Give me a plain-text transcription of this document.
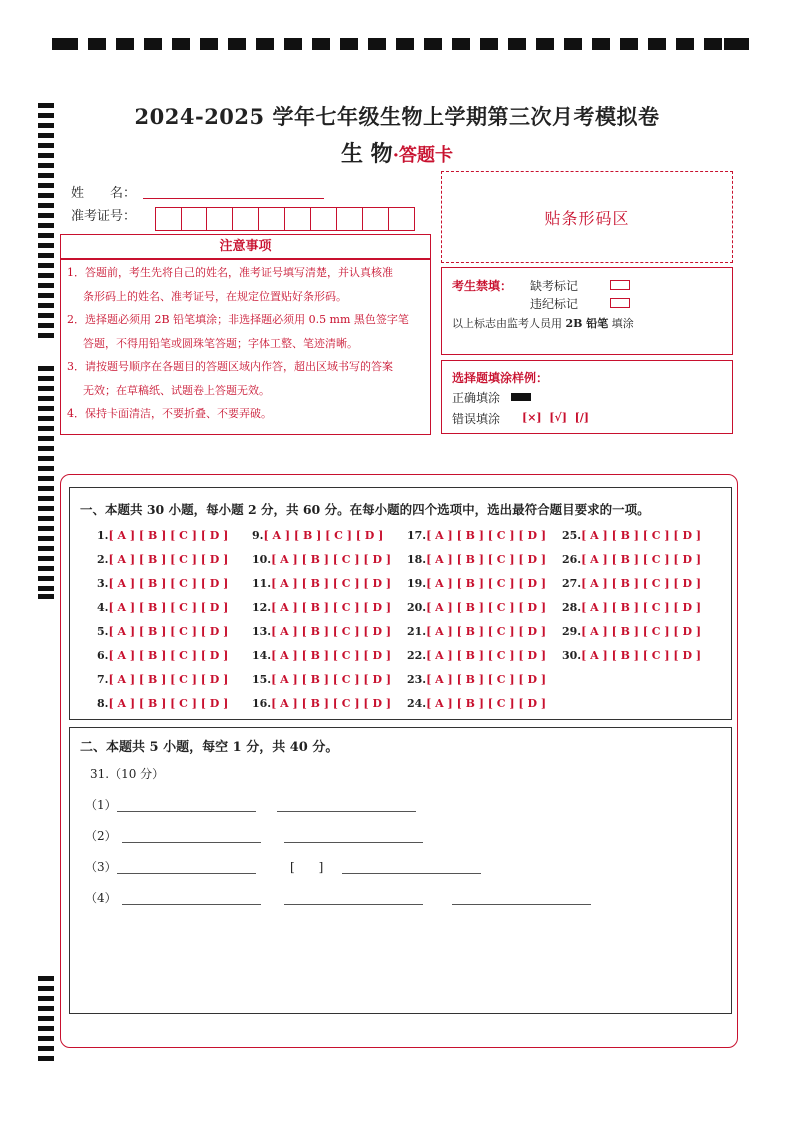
2024-2025 学年七年级生物上学期第三次月考模拟卷
生 物·答题卡
姓　　名：
准考证号：	贴条形码区
注意事项

1．答题前，考生先将自己的姓名，准考证号填写清楚，并认真核准

条形码上的姓名、准考证号，在规定位置贴好条形码。

2．选择题必须用 2B 铅笔填涂；非选择题必须用 0.5 mm 黑色签字笔

答题，不得用铅笔或圆珠笔答题；字体工整、笔迹清晰。

3．请按题号顺序在各题目的答题区域内作答，超出区域书写的答案

无效；在草稿纸、试题卷上答题无效。

4．保持卡面清洁，不要折叠、不要弄破。

考生禁填： 缺考标记
违纪标记
以上标志由监考人员用 2B 铅笔 填涂
选择题填涂样例：
正确填涂
错误填涂 [×]  [√]  [/]
一、本题共 30 小题，每小题 2 分，共 60 分。在每小题的四个选项中，选出最符合题目要求的一项。
1.[ A ] [ B ] [ C ] [ D ]
2.[ A ] [ B ] [ C ] [ D ]
3.[ A ] [ B ] [ C ] [ D ]
4.[ A ] [ B ] [ C ] [ D ]
5.[ A ] [ B ] [ C ] [ D ]
6.[ A ] [ B ] [ C ] [ D ]
7.[ A ] [ B ] [ C ] [ D ]
8.[ A ] [ B ] [ C ] [ D ]
9.[ A ] [ B ] [ C ] [ D ]
10.[ A ] [ B ] [ C ] [ D ]
11.[ A ] [ B ] [ C ] [ D ]
12.[ A ] [ B ] [ C ] [ D ]
13.[ A ] [ B ] [ C ] [ D ]
14.[ A ] [ B ] [ C ] [ D ]
15.[ A ] [ B ] [ C ] [ D ]
16.[ A ] [ B ] [ C ] [ D ]
17.[ A ] [ B ] [ C ] [ D ]
18.[ A ] [ B ] [ C ] [ D ]
19.[ A ] [ B ] [ C ] [ D ]
20.[ A ] [ B ] [ C ] [ D ]
21.[ A ] [ B ] [ C ] [ D ]
22.[ A ] [ B ] [ C ] [ D ]
23.[ A ] [ B ] [ C ] [ D ]
24.[ A ] [ B ] [ C ] [ D ]
25.[ A ] [ B ] [ C ] [ D ]
26.[ A ] [ B ] [ C ] [ D ]
27.[ A ] [ B ] [ C ] [ D ]
28.[ A ] [ B ] [ C ] [ D ]
29.[ A ] [ B ] [ C ] [ D ]
30.[ A ] [ B ] [ C ] [ D ]
二、本题共 5 小题，每空 1 分，共 40 分。
31.（10 分）
（1）
（2）
（3）	[　　]
（4）
